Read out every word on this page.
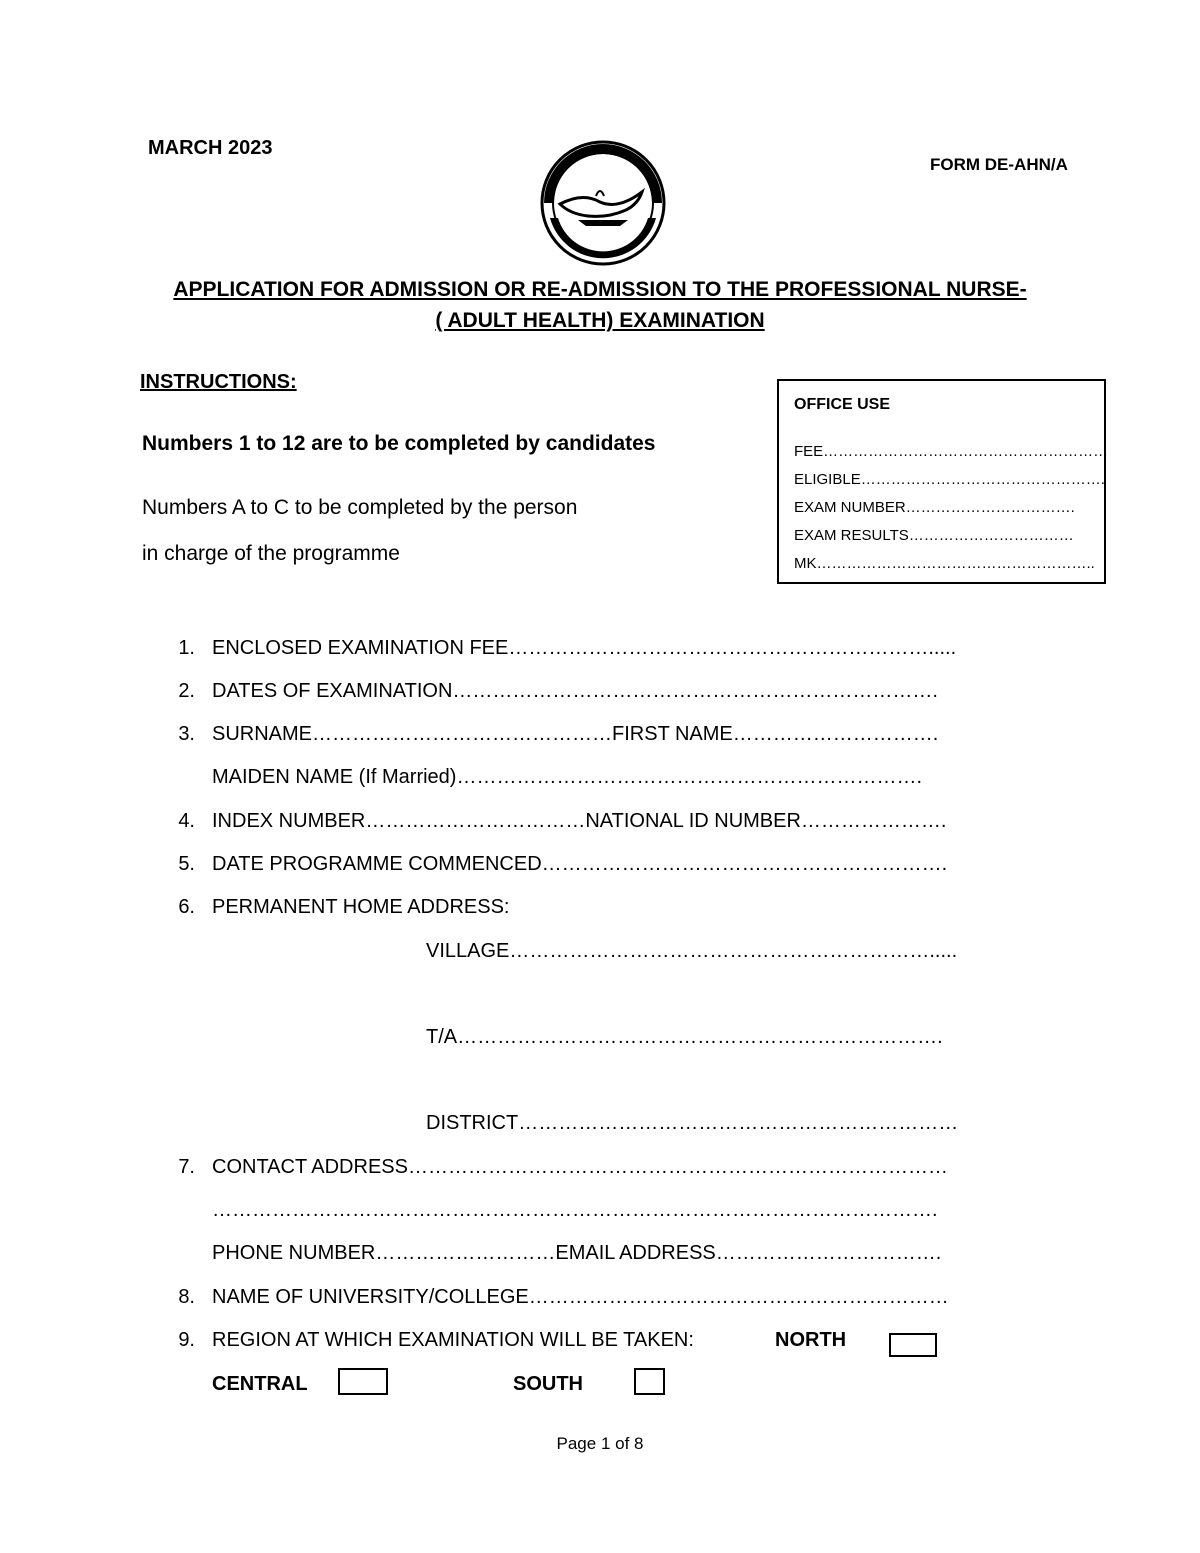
MARCH 2023
FORM DE-AHN/A
APPLICATION FOR ADMISSION OR RE-ADMISSION TO THE PROFESSIONAL NURSE-
( ADULT HEALTH) EXAMINATION
INSTRUCTIONS:
Numbers 1 to 12 are to be completed by candidates
Numbers A to C to be completed by the person
in charge of the programme
OFFICE USE
FEE…………………………………………………
ELIGIBLE………………………………………….
EXAM NUMBER…………………………….
EXAM RESULTS……………………………
MK………………………………………………..
1. ENCLOSED EXAMINATION FEE……………………………………………………….....
2. DATES OF EXAMINATION……………………………………………………………….
3. SURNAME………………………………………FIRST NAME………………………….
MAIDEN NAME (If Married)…………………………………………………………….
4. INDEX NUMBER……………………………NATIONAL ID NUMBER………………….
5. DATE PROGRAMME COMMENCED…………………………………………………….
6. PERMANENT HOME ADDRESS:
VILLAGE……………………………………………………….....
T/A……………………………………………………………….
DISTRICT…………………………………………………………
7. CONTACT ADDRESS………………………………………………………………………
……………………………………………………………………………………………….
PHONE NUMBER………………………EMAIL ADDRESS…………………………….
8. NAME OF UNIVERSITY/COLLEGE………………………………………………………
9. REGION AT WHICH EXAMINATION WILL BE TAKEN:	NORTH
CENTRAL	SOUTH
Page 1 of 8
